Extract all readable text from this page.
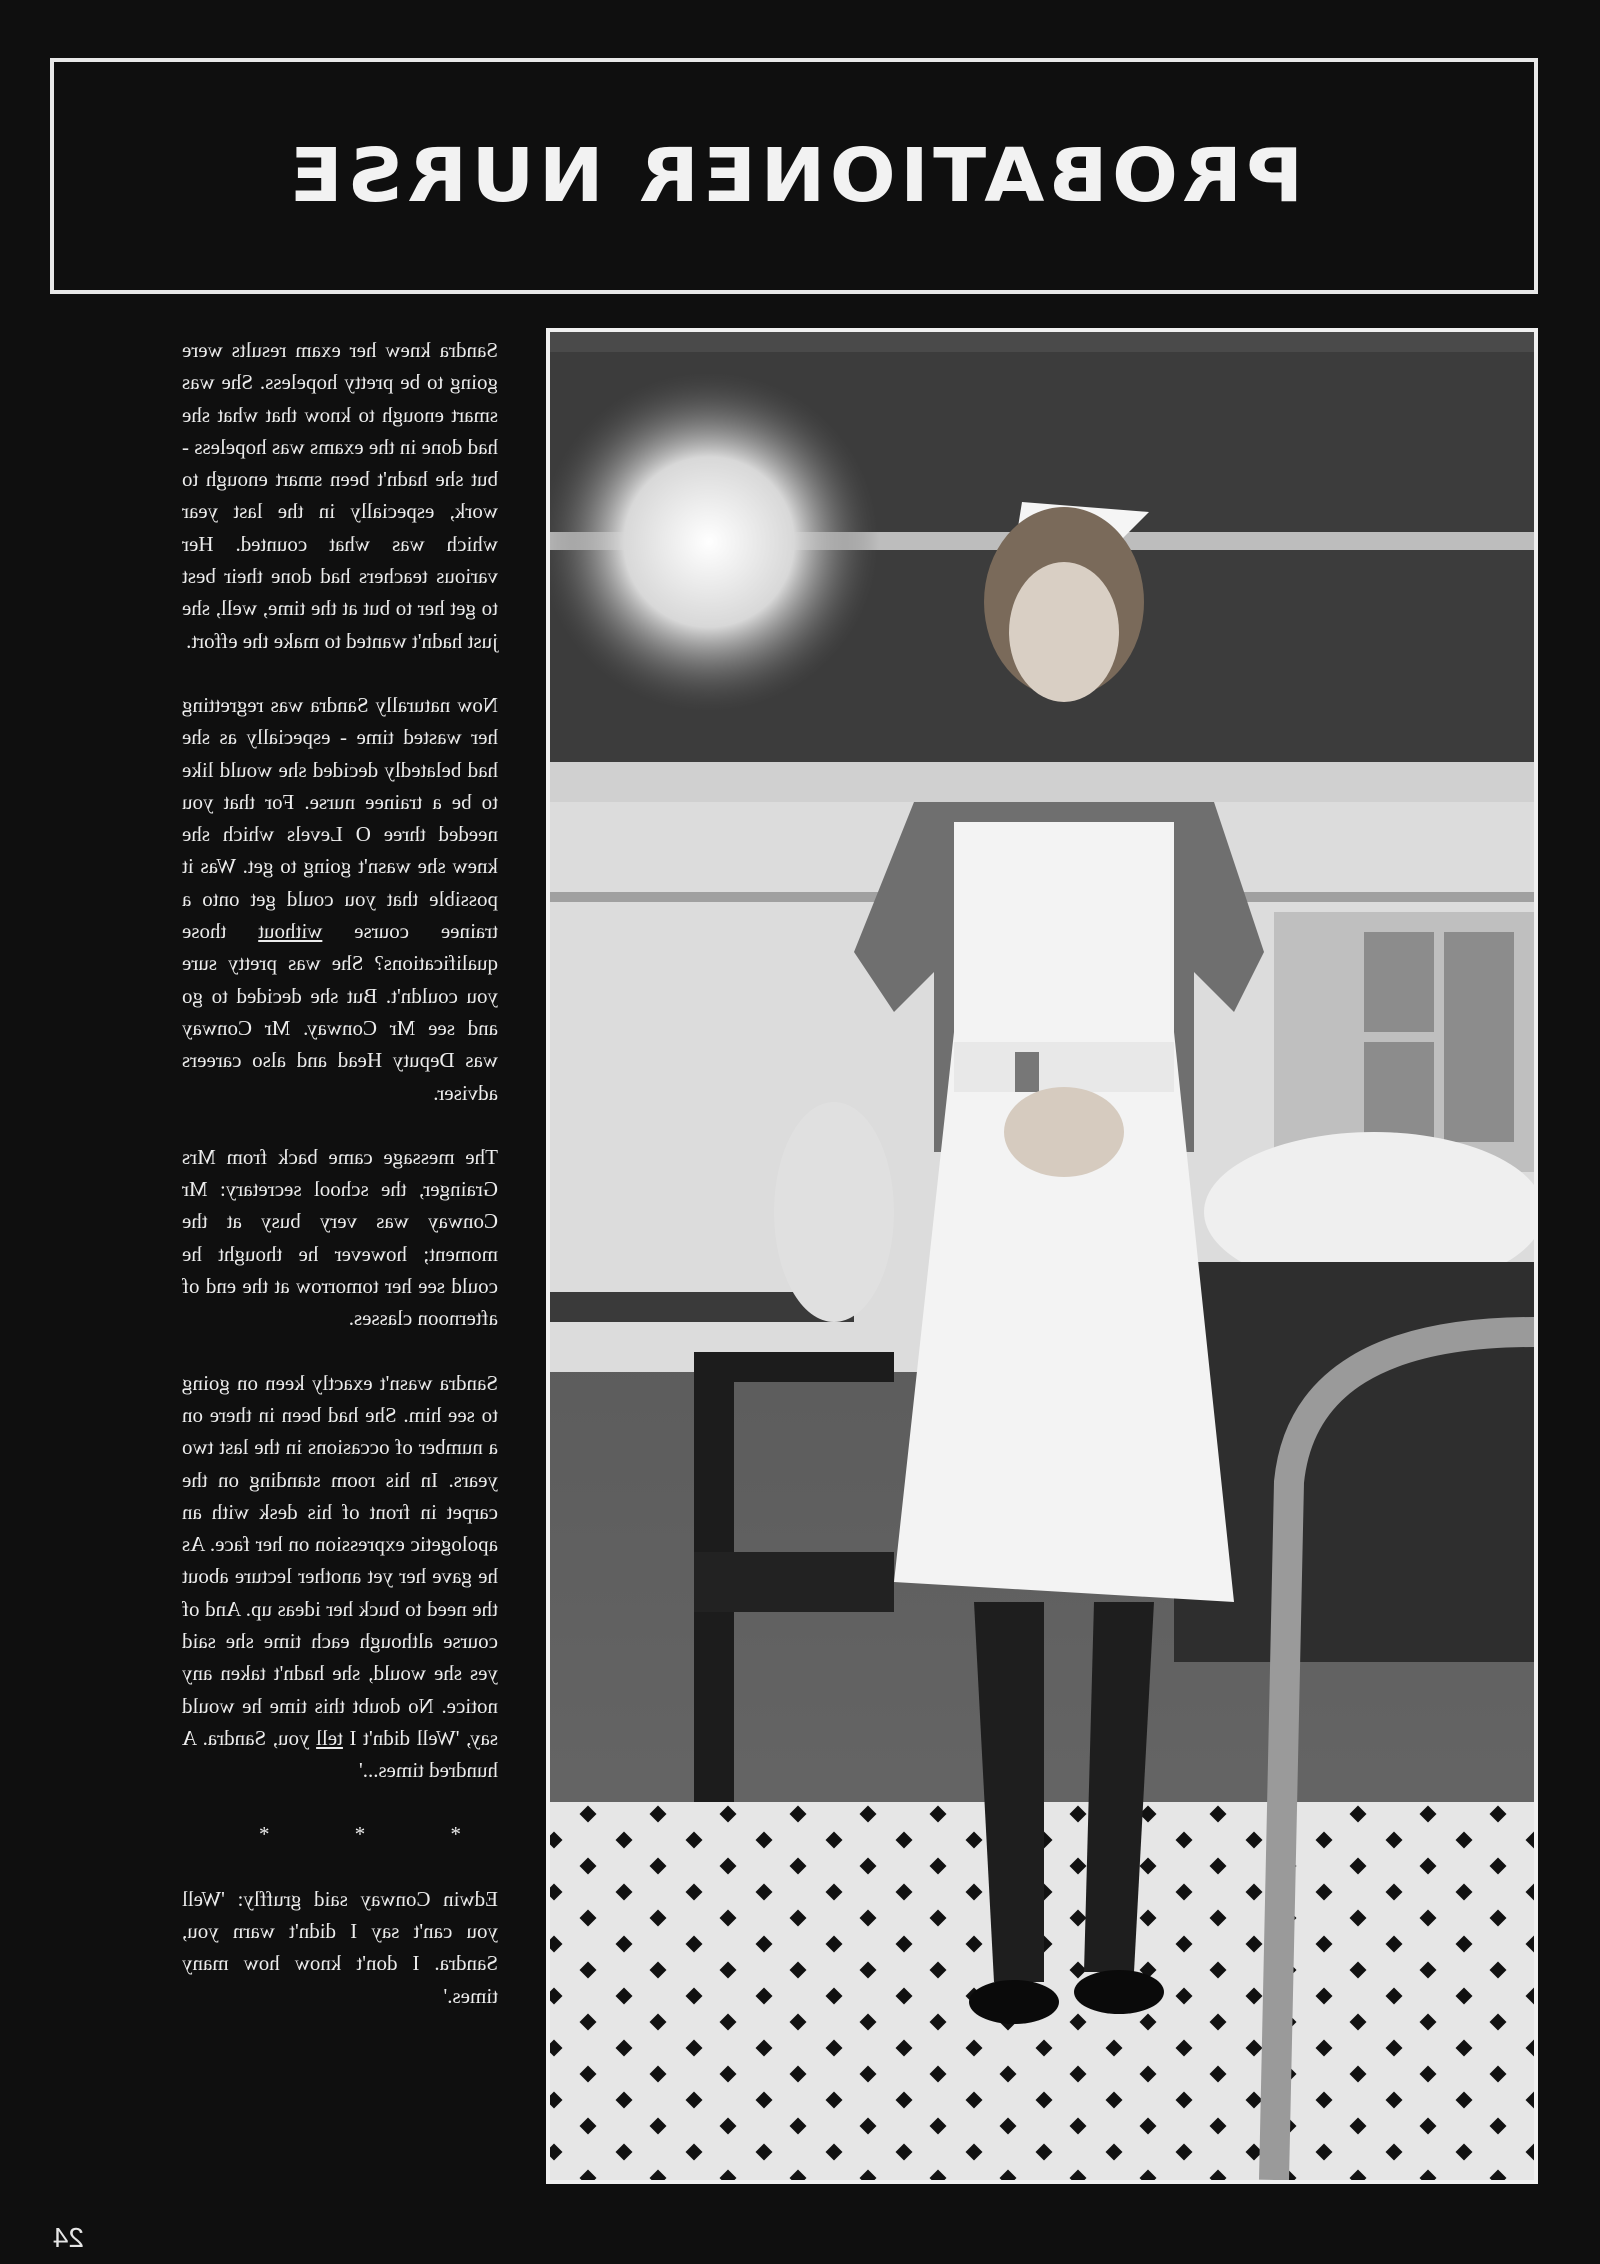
PROBATIONER NURSE

Sandra knew her exam results were going to be pretty hopeless. She was smart enough to know that what she had done in the exams was hopeless - but she hadn't been smart enough to work, especially in the last year which was what counted. Her various teachers had done their best to get her to but at the time, well, she just hadn't wanted to make the effort.

Now naturally Sandra was regretting her wasted time - especially as she had belatedly decided she would like to be a trainee nurse. For that you needed three O Levels which she knew she wasn't going to get. Was it possible that you could get onto a trainee course without those qualifications? She was pretty sure you couldn't. But she decided to go and see Mr Conway. Mr Conway was Deputy Head and also careers adviser.

The message came back from Mrs Grainger, the school secretary: Mr Conway was very busy at the moment; however he thought he could see her tomorrow at the end of afternoon classes.

Sandra wasn't exactly keen on going to see him. She had been in there on a number of occasions in the last two years. In his room standing on the carpet in front of his desk with an apologetic expression on her face. As he gave her yet another lecture about the need to buck her ideas up. And of course although each time she said yes she would, she hadn't taken any notice. No doubt this time he would say, 'Well didn't I tell you, Sandra. A hundred times...'

* * *

Edwin Conway said gruffly: 'Well you can't say I didn't warn you, Sandra. I don't know how many times.'

24
